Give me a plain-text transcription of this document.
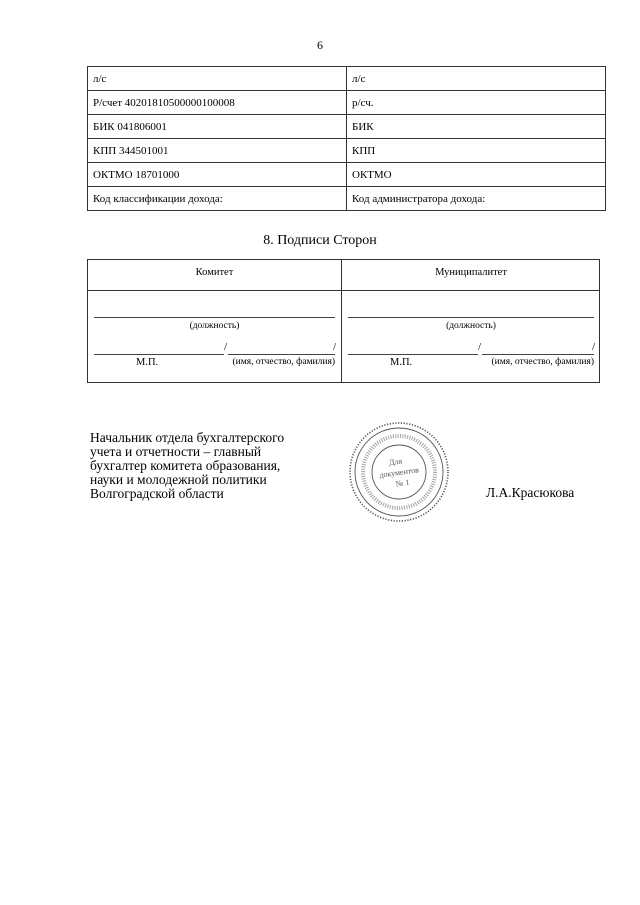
6
л/с	л/с
Р/счет 40201810500000100008	р/сч.
БИК 041806001	БИК
КПП 344501001	КПП
ОКТМО 18701000	ОКТМО
Код классификации дохода:	Код администратора дохода:
8. Подписи Сторон
Комитет
(должность)
/	/
М.П.	(имя, отчество, фамилия)
Муниципалитет
(должность)
/	/
М.П.	(имя, отчество, фамилия)
Начальник отдела бухгалтерского
учета и отчетности – главный
бухгалтер комитета образования,
науки и молодежной политики
Волгоградской области
Для
документов
№ 1
Л.А.Красюкова
